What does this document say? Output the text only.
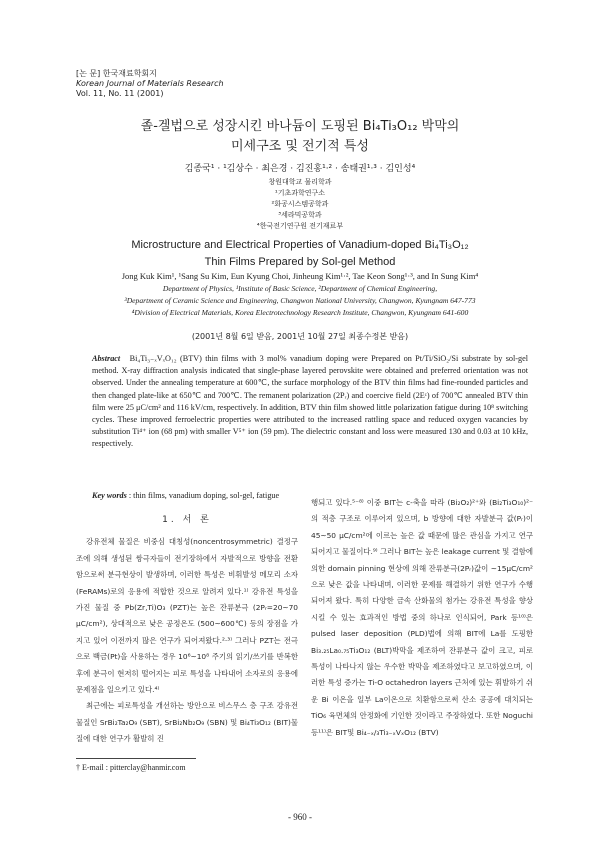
[논 문] 한국재료학회지
Korean Journal of Materials Research
Vol. 11, No. 11 (2001)
졸-겔법으로 성장시킨 바나듐이 도핑된 Bi₄Ti₃O₁₂ 박막의
미세구조 및 전기적 특성
김종국¹ · ¹김상수 · 최은경 · 김진홍¹·² · 송태권¹·³ · 김인성⁴
창원대학교 물리학과
¹기초과학연구소
²화공시스템공학과
³세라믹공학과
⁴한국전기연구원 전기재료부
Microstructure and Electrical Properties of Vanadium-doped Bi₄Ti₃O₁₂
Thin Films Prepared by Sol-gel Method
Jong Kuk Kim¹, ¹Sang Su Kim, Eun Kyung Choi, Jinheung Kim¹·², Tae Keon Song¹·³, and In Sung Kim⁴
Department of Physics, ¹Institute of Basic Science, ²Department of Chemical Engineering,
³Department of Ceramic Science and Engineering, Changwon National University, Changwon, Kyungnam 647-773
⁴Division of Electrical Materials, Korea Electrotechnology Research Institute, Changwon, Kyungnam 641-600
(2001년 8월 6일 받음, 2001년 10월 27일 최종수정본 받음)
Abstract Bi₄Ti₃₋ₓVₓO₁₂ (BTV) thin films with 3 mol% vanadium doping were Prepared on Pt/Ti/SiO₂/Si substrate by sol-gel method. X-ray diffraction analysis indicated that single-phase layered perovskite were obtained and preferred orientation was not observed. Under the annealing temperature at 600℃, the surface morphology of the BTV thin films had fine-rounded particles and then changed plate-like at 650℃ and 700℃. The remanent polarization (2Pᵣ) and coercive field (2Eᶜ) of 700℃ annealed BTV thin film were 25 μC/cm² and 116 kV/cm, respectively. In addition, BTV thin film showed little polarization fatigue during 10⁸ switching cycles. These improved ferroelectric properties were attributed to the increased rattling space and reduced oxygen vacancies by substitution Ti⁴⁺ ion (68 pm) with smaller V⁵⁺ ion (59 pm). The dielectric constant and loss were measured 130 and 0.03 at 10 kHz, respectively.
Key words : thin films, vanadium doping, sol-gel, fatigue
1. 서 론

강유전체 물질은 비중심 대칭성(noncentrosymmetric) 결정구조에 의해 생성된 쌍극자들이 전기장하에서 자발적으로 방향을 전환함으로써 분극현상이 발생하며, 이러한 특성은 비휘발성 메모리 소자(FeRAMs)로의 응용에 적합한 것으로 알려져 있다.¹⁾ 강유전 특성을 가진 물질 중 Pb(Zr,Ti)O₃ (PZT)는 높은 잔류분극 (2Pᵣ=20~70 μC/cm²), 상대적으로 낮은 공정온도 (500~600℃) 등의 장점을 가지고 있어 이전까지 많은 연구가 되어져왔다.²·³⁾ 그러나 PZT는 전극으로 백금(Pt)을 사용하는 경우 10⁶~10⁸ 주기의 읽기/쓰기를 반복한 후에 분극이 현저히 떨어지는 피로 특성을 나타내어 소자로의 응용에 문제점을 일으키고 있다.⁴⁾

최근에는 피로특성을 개선하는 방안으로 비스무스 층 구조 강유전 물질인 SrBi₂Ta₂O₉ (SBT), SrBi₂Nb₂O₉ (SBN) 및 Bi₄Ti₃O₁₂ (BIT)물질에 대한 연구가 활발히 진

행되고 있다.⁵⁻⁸⁾ 이중 BIT는 c-축을 따라 (Bi₂O₂)²⁺와 (Bi₂Ti₃O₁₀)²⁻의 적층 구조로 이루어져 있으며, b 방향에 대한 자발분극 값(Pᵣ)이 45~50 μC/cm²에 이르는 높은 값 때문에 많은 관심을 가지고 연구되어지고 물질이다.⁹⁾ 그러나 BIT는 높은 leakage current 및 결함에 의한 domain pinning 현상에 의해 잔류분극(2Pᵣ)값이 ~15μC/cm²으로 낮은 값을 나타내며, 이러한 문제를 해결하기 위한 연구가 수행되어져 왔다. 특히 다양한 금속 산화물의 첨가는 강유전 특성을 향상시킬 수 있는 효과적인 방법 중의 하나로 인식되어, Park 등¹⁰⁾은 pulsed laser deposition (PLD)법에 의해 BIT에 La를 도핑한 Bi₃.₂₅La₀.₇₅Ti₃O₁₂ (BLT)박막을 제조하여 잔류분극 값이 크고, 피로특성이 나타나지 않는 우수한 박막을 제조하였다고 보고하였으며, 이러한 특성 증가는 Ti-O octahedron layers 근처에 있는 휘발하기 쉬운 Bi 이온을 일부 La이온으로 치환함으로써 산소 공공에 대치되는 TiO₆ 육면체의 안정화에 기인한 것이라고 주장하였다. 또한 Noguchi 등¹¹⁾은 BIT및 Bi₄₋ₓ/₃Ti₃₋ₓVₓO₁₂ (BTV)

† E-mail : pitterclay@hanmir.com
- 960 -
